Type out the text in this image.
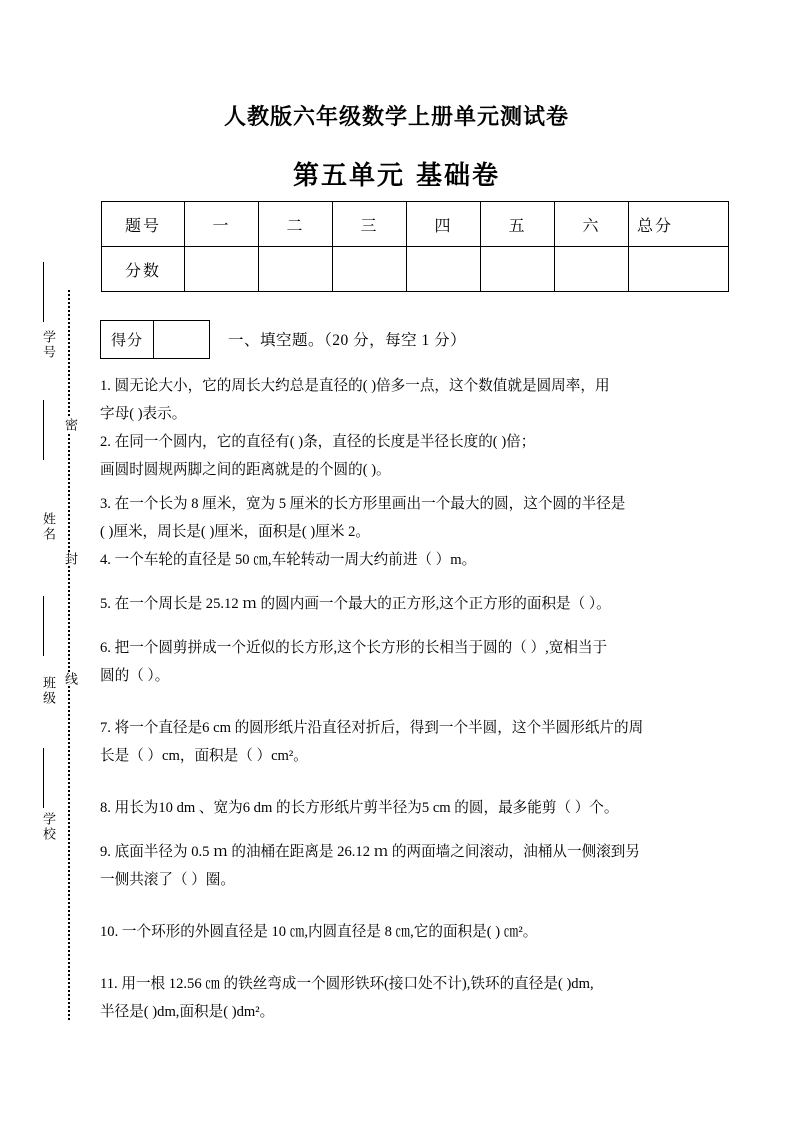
密
封
线
学号
姓名
班级
学校
人教版六年级数学上册单元测试卷
第五单元 基础卷
题号	一	二	三	四	五	六	总分
分数							
得分	一、填空题。（20 分，每空 1 分）
1. 圆无论大小，它的周长大约总是直径的( )倍多一点，这个数值就是圆周率，用
字母( )表示。
2. 在同一个圆内，它的直径有( )条，直径的长度是半径长度的( )倍；
画圆时圆规两脚之间的距离就是的个圆的( )。
3. 在一个长为 8 厘米，宽为 5 厘米的长方形里画出一个最大的圆，这个圆的半径是
( )厘米，周长是( )厘米，面积是( )厘米 2。
4. 一个车轮的直径是 50 ㎝,车轮转动一周大约前进（ ）m。
5. 在一个周长是 25.12 ｍ 的圆内画一个最大的正方形,这个正方形的面积是（ ）。
6. 把一个圆剪拼成一个近似的长方形,这个长方形的长相当于圆的（ ）,宽相当于
圆的（ ）。
7. 将一个直径是6 cm 的圆形纸片沿直径对折后，得到一个半圆，这个半圆形纸片的周
长是（ ）cm，面积是（ ）cm²。
8. 用长为10 dm 、宽为6 dm 的长方形纸片剪半径为5 cm 的圆，最多能剪（ ）个。
9. 底面半径为 0.5 ｍ 的油桶在距离是 26.12 ｍ 的两面墙之间滚动，油桶从一侧滚到另
一侧共滚了（ ）圈。
10. 一个环形的外圆直径是 10 ㎝,内圆直径是 8 ㎝,它的面积是( ) ㎝²。
11. 用一根 12.56 ㎝ 的铁丝弯成一个圆形铁环(接口处不计),铁环的直径是( )dm,
半径是( )dm,面积是( )dm²。
